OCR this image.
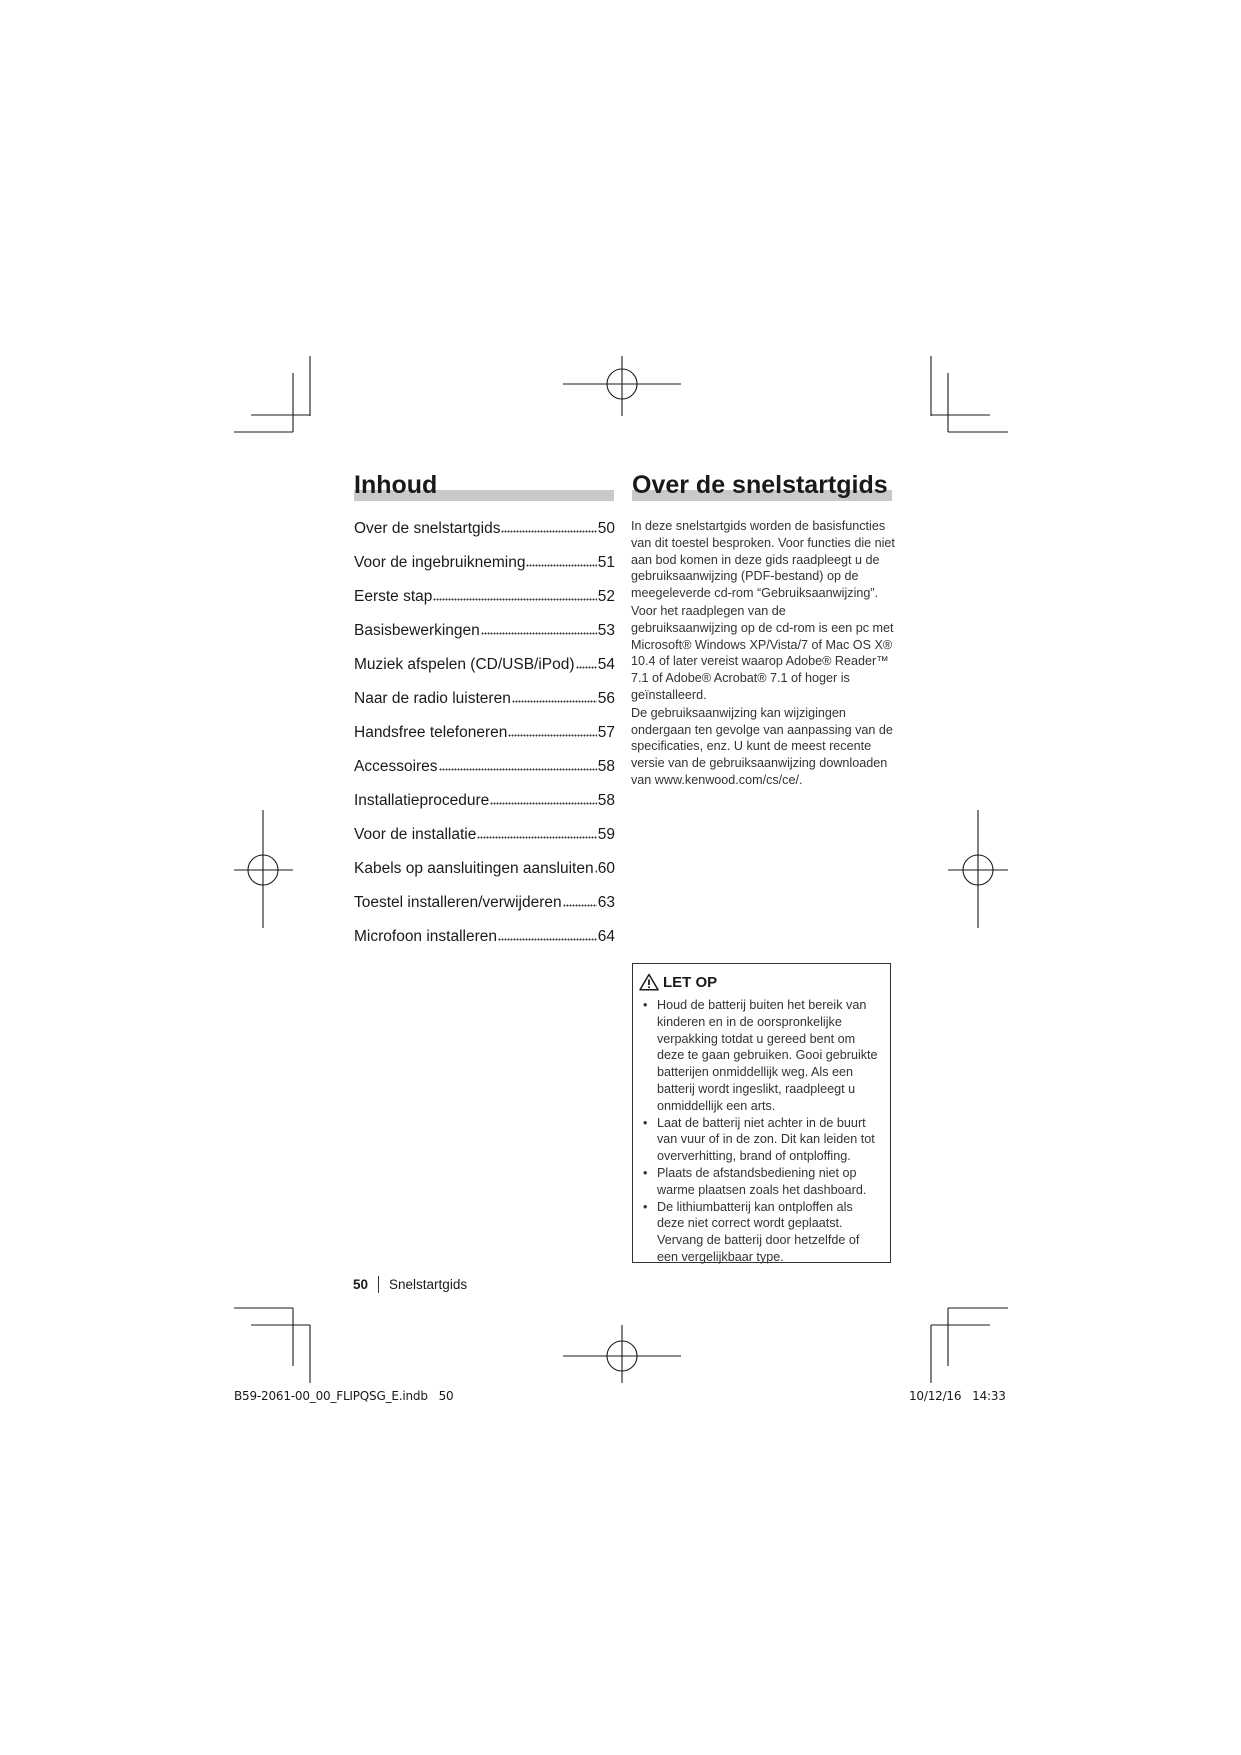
Inhoud
Over de snelstartgids	50
Voor de ingebruikneming	51
Eerste stap	52
Basisbewerkingen	53
Muziek afspelen (CD/USB/iPod) 54
Naar de radio luisteren	56
Handsfree telefoneren	57
Accessoires	58
Installatieprocedure	58
Voor de installatie	59
Kabels op aansluitingen aansluiten 60
Toestel installeren/verwijderen 63
Microfoon installeren	64
Over de snelstartgids

In deze snelstartgids worden de basisfuncties van dit toestel besproken. Voor functies die niet aan bod komen in deze gids raadpleegt u de gebruiksaanwijzing (PDF-bestand) op de meegeleverde cd-rom “Gebruiksaanwijzing”.

Voor het raadplegen van de gebruiksaanwijzing op de cd-rom is een pc met Microsoft® Windows XP/Vista/7 of Mac OS X® 10.4 of later vereist waarop Adobe® Reader™ 7.1 of Adobe® Acrobat® 7.1 of hoger is geïnstalleerd.

De gebruiksaanwijzing kan wijzigingen ondergaan ten gevolge van aanpassing van de specificaties, enz. U kunt de meest recente versie van de gebruiksaanwijzing downloaden van www.kenwood.com/cs/ce/.

LET OP
• Houd de batterij buiten het bereik van kinderen en in de oorspronkelijke verpakking totdat u gereed bent om deze te gaan gebruiken. Gooi gebruikte batterijen onmiddellijk weg. Als een batterij wordt ingeslikt, raadpleegt u onmiddellijk een arts.
• Laat de batterij niet achter in de buurt van vuur of in de zon. Dit kan leiden tot oververhitting, brand of ontploffing.
• Plaats de afstandsbediening niet op warme plaatsen zoals het dashboard.
• De lithiumbatterij kan ontploffen als deze niet correct wordt geplaatst. Vervang de batterij door hetzelfde of een vergelijkbaar type.
50 Snelstartgids
B59-2061-00_00_FLIPQSG_E.indb   50	10/12/16   14:33
